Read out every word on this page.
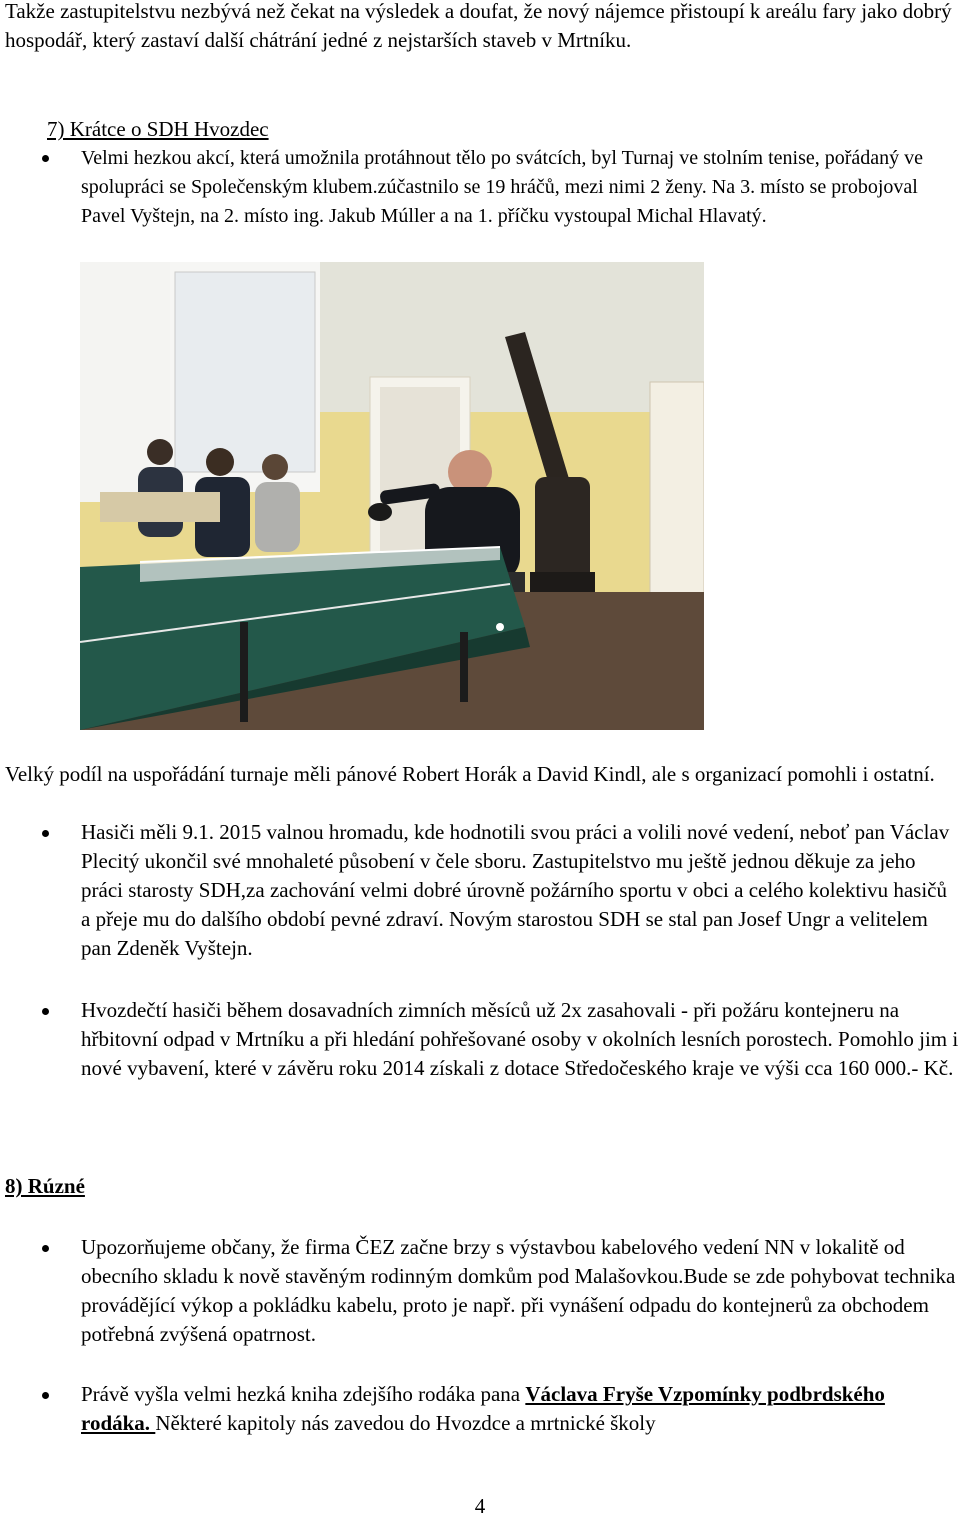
Takže zastupitelstvu nezbývá než čekat na výsledek a doufat, že nový nájemce přistoupí k areálu fary jako dobrý hospodář, který zastaví další chátrání jedné z nejstarších staveb v Mrtníku.

7) Krátce o SDH Hvozdec

Velmi hezkou akcí, která umožnila protáhnout tělo po svátcích, byl Turnaj ve stolním tenise, pořádaný ve spolupráci se Společenským klubem.zúčastnilo se 19 hráčů, mezi nimi 2 ženy. Na 3. místo se probojoval Pavel Vyštejn, na 2. místo ing. Jakub Múller a na 1. příčku vystoupal Michal Hlavatý.

Velký podíl na uspořádání turnaje měli pánové Robert Horák a David Kindl, ale s organizací pomohli i ostatní.

Hasiči měli 9.1. 2015 valnou hromadu, kde hodnotili svou práci a volili nové vedení, neboť pan Václav Plecitý ukončil své mnohaleté působení v čele sboru. Zastupitelstvo mu ještě jednou děkuje za jeho práci starosty SDH,za zachování velmi dobré úrovně požárního sportu v obci a celého kolektivu hasičů a přeje mu do dalšího období pevné zdraví. Novým starostou SDH se stal pan Josef Ungr a velitelem pan Zdeněk Vyštejn.

Hvozdečtí hasiči během dosavadních zimních měsíců už 2x zasahovali - při požáru kontejneru na hřbitovní odpad v Mrtníku a při hledání pohřešované osoby v okolních lesních porostech. Pomohlo jim i nové vybavení, které v závěru roku 2014 získali z dotace Středočeského kraje ve výši cca 160 000.- Kč.

8) Rúzné

Upozorňujeme občany, že firma ČEZ začne brzy s výstavbou kabelového vedení NN v lokalitě od obecního skladu k nově stavěným rodinným domkům pod Malašovkou.Bude se zde pohybovat technika provádějící výkop a pokládku kabelu, proto je např. při vynášení odpadu do kontejnerů za obchodem potřebná zvýšená opatrnost.

Právě vyšla velmi hezká kniha zdejšího rodáka pana Václava Fryše Vzpomínky podbrdského rodáka. Některé kapitoly nás zavedou do Hvozdce a mrtnické školy

4
